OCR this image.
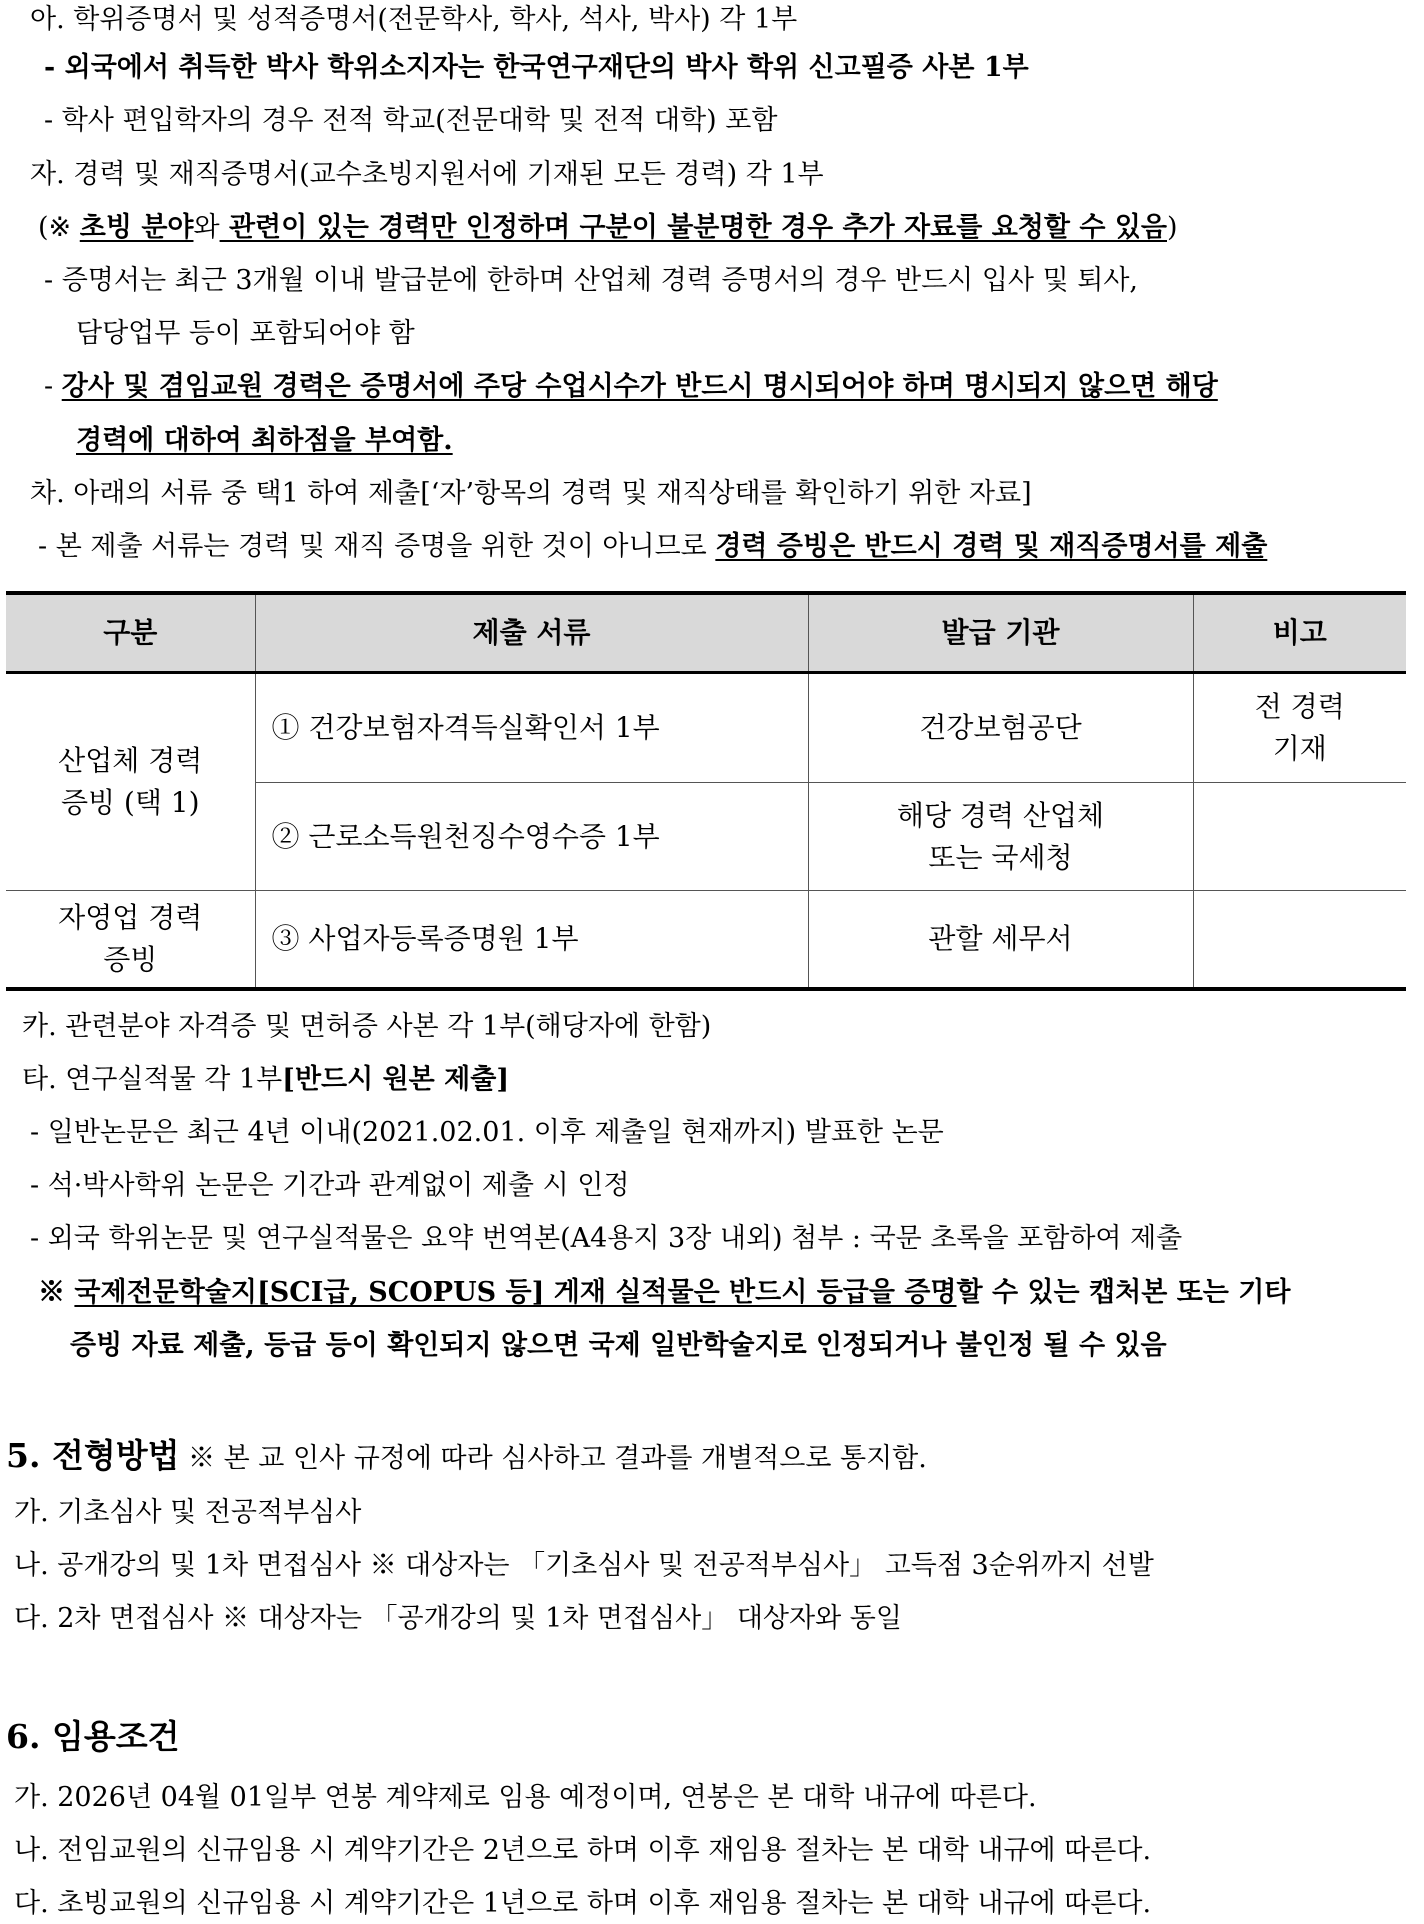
아. 학위증명서 및 성적증명서(전문학사, 학사, 석사, 박사) 각 1부
- 외국에서 취득한 박사 학위소지자는 한국연구재단의 박사 학위 신고필증 사본 1부
- 학사 편입학자의 경우 전적 학교(전문대학 및 전적 대학) 포함
자. 경력 및 재직증명서(교수초빙지원서에 기재된 모든 경력) 각 1부
(※ 초빙 분야와 관련이 있는 경력만 인정하며 구분이 불분명한 경우 추가 자료를 요청할 수 있음)
- 증명서는 최근 3개월 이내 발급분에 한하며 산업체 경력 증명서의 경우 반드시 입사 및 퇴사,
담당업무 등이 포함되어야 함
- 강사 및 겸임교원 경력은 증명서에 주당 수업시수가 반드시 명시되어야 하며 명시되지 않으면 해당
경력에 대하여 최하점을 부여함.
차. 아래의 서류 중 택1 하여 제출[‘자’항목의 경력 및 재직상태를 확인하기 위한 자료]
- 본 제출 서류는 경력 및 재직 증명을 위한 것이 아니므로 경력 증빙은 반드시 경력 및 재직증명서를 제출
구분	제출 서류	발급 기관	비고
산업체 경력
증빙 (택 1)	① 건강보험자격득실확인서 1부	건강보험공단	전 경력
기재
	② 근로소득원천징수영수증 1부	해당 경력 산업체
또는 국세청	
자영업 경력
증빙	③ 사업자등록증명원 1부	관할 세무서	
카. 관련분야 자격증 및 면허증 사본 각 1부(해당자에 한함)
타. 연구실적물 각 1부[반드시 원본 제출]
- 일반논문은 최근 4년 이내(2021.02.01. 이후 제출일 현재까지) 발표한 논문
- 석·박사학위 논문은 기간과 관계없이 제출 시 인정
- 외국 학위논문 및 연구실적물은 요약 번역본(A4용지 3장 내외) 첨부 : 국문 초록을 포함하여 제출
※ 국제전문학술지[SCI급, SCOPUS 등] 게재 실적물은 반드시 등급을 증명할 수 있는 캡처본 또는 기타
증빙 자료 제출, 등급 등이 확인되지 않으면 국제 일반학술지로 인정되거나 불인정 될 수 있음
5. 전형방법 ※ 본 교 인사 규정에 따라 심사하고 결과를 개별적으로 통지함.
가. 기초심사 및 전공적부심사
나. 공개강의 및 1차 면접심사 ※ 대상자는 「기초심사 및 전공적부심사」 고득점 3순위까지 선발
다. 2차 면접심사 ※ 대상자는 「공개강의 및 1차 면접심사」 대상자와 동일
6. 임용조건
가. 2026년 04월 01일부 연봉 계약제로 임용 예정이며, 연봉은 본 대학 내규에 따른다.
나. 전임교원의 신규임용 시 계약기간은 2년으로 하며 이후 재임용 절차는 본 대학 내규에 따른다.
다. 초빙교원의 신규임용 시 계약기간은 1년으로 하며 이후 재임용 절차는 본 대학 내규에 따른다.
